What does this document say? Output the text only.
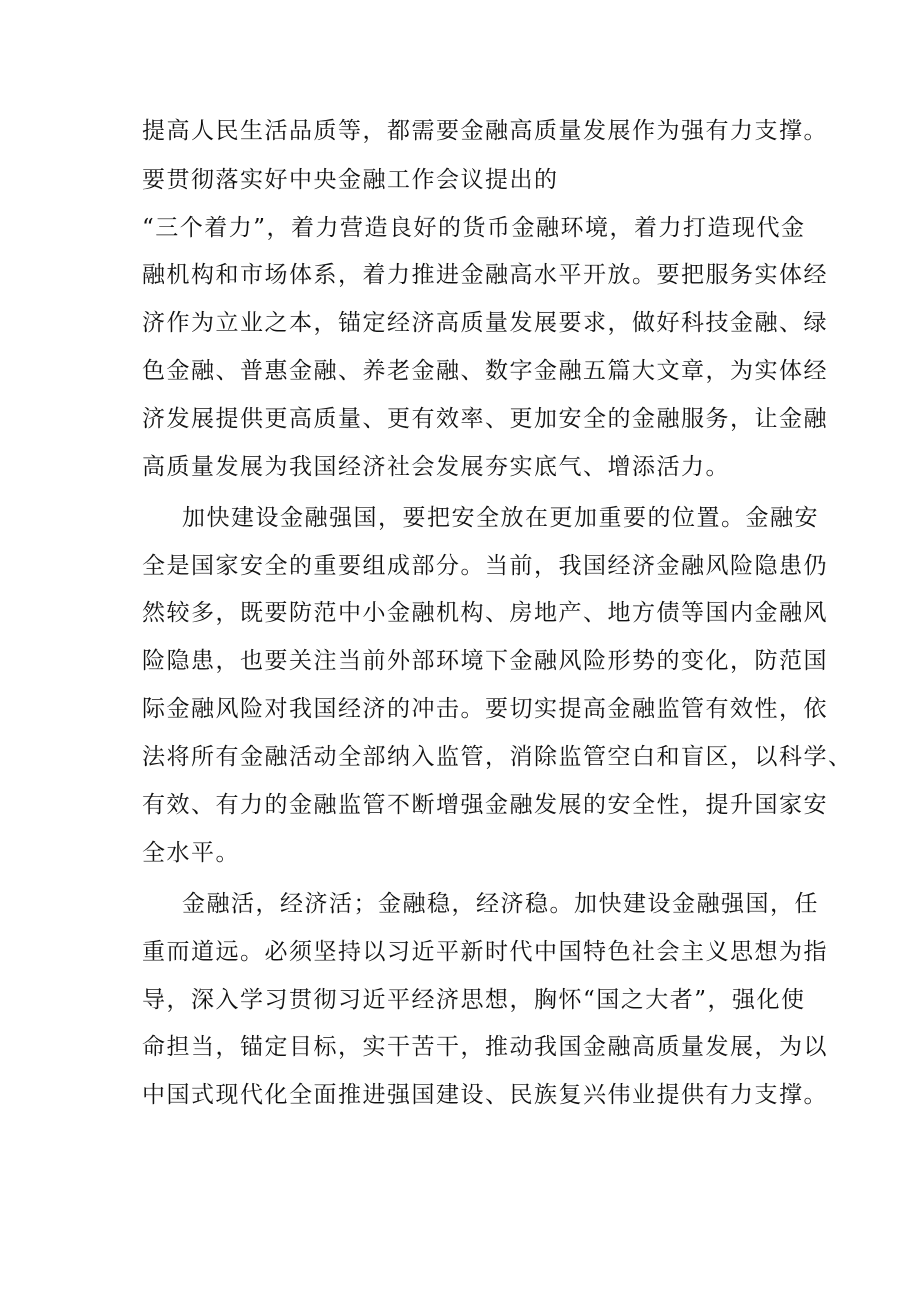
提高人民生活品质等，都需要金融高质量发展作为强有力支撑。
要贯彻落实好中央金融工作会议提出的
“三个着力”，着力营造良好的货币金融环境，着力打造现代金
融机构和市场体系，着力推进金融高水平开放。要把服务实体经
济作为立业之本，锚定经济高质量发展要求，做好科技金融、绿
色金融、普惠金融、养老金融、数字金融五篇大文章，为实体经
济发展提供更高质量、更有效率、更加安全的金融服务，让金融
高质量发展为我国经济社会发展夯实底气、增添活力。
加快建设金融强国，要把安全放在更加重要的位置。金融安
全是国家安全的重要组成部分。当前，我国经济金融风险隐患仍
然较多，既要防范中小金融机构、房地产、地方债等国内金融风
险隐患，也要关注当前外部环境下金融风险形势的变化，防范国
际金融风险对我国经济的冲击。要切实提高金融监管有效性，依
法将所有金融活动全部纳入监管，消除监管空白和盲区，以科学、
有效、有力的金融监管不断增强金融发展的安全性，提升国家安
全水平。
金融活，经济活；金融稳，经济稳。加快建设金融强国，任
重而道远。必须坚持以习近平新时代中国特色社会主义思想为指
导，深入学习贯彻习近平经济思想，胸怀“国之大者”，强化使
命担当，锚定目标，实干苦干，推动我国金融高质量发展，为以
中国式现代化全面推进强国建设、民族复兴伟业提供有力支撑。
